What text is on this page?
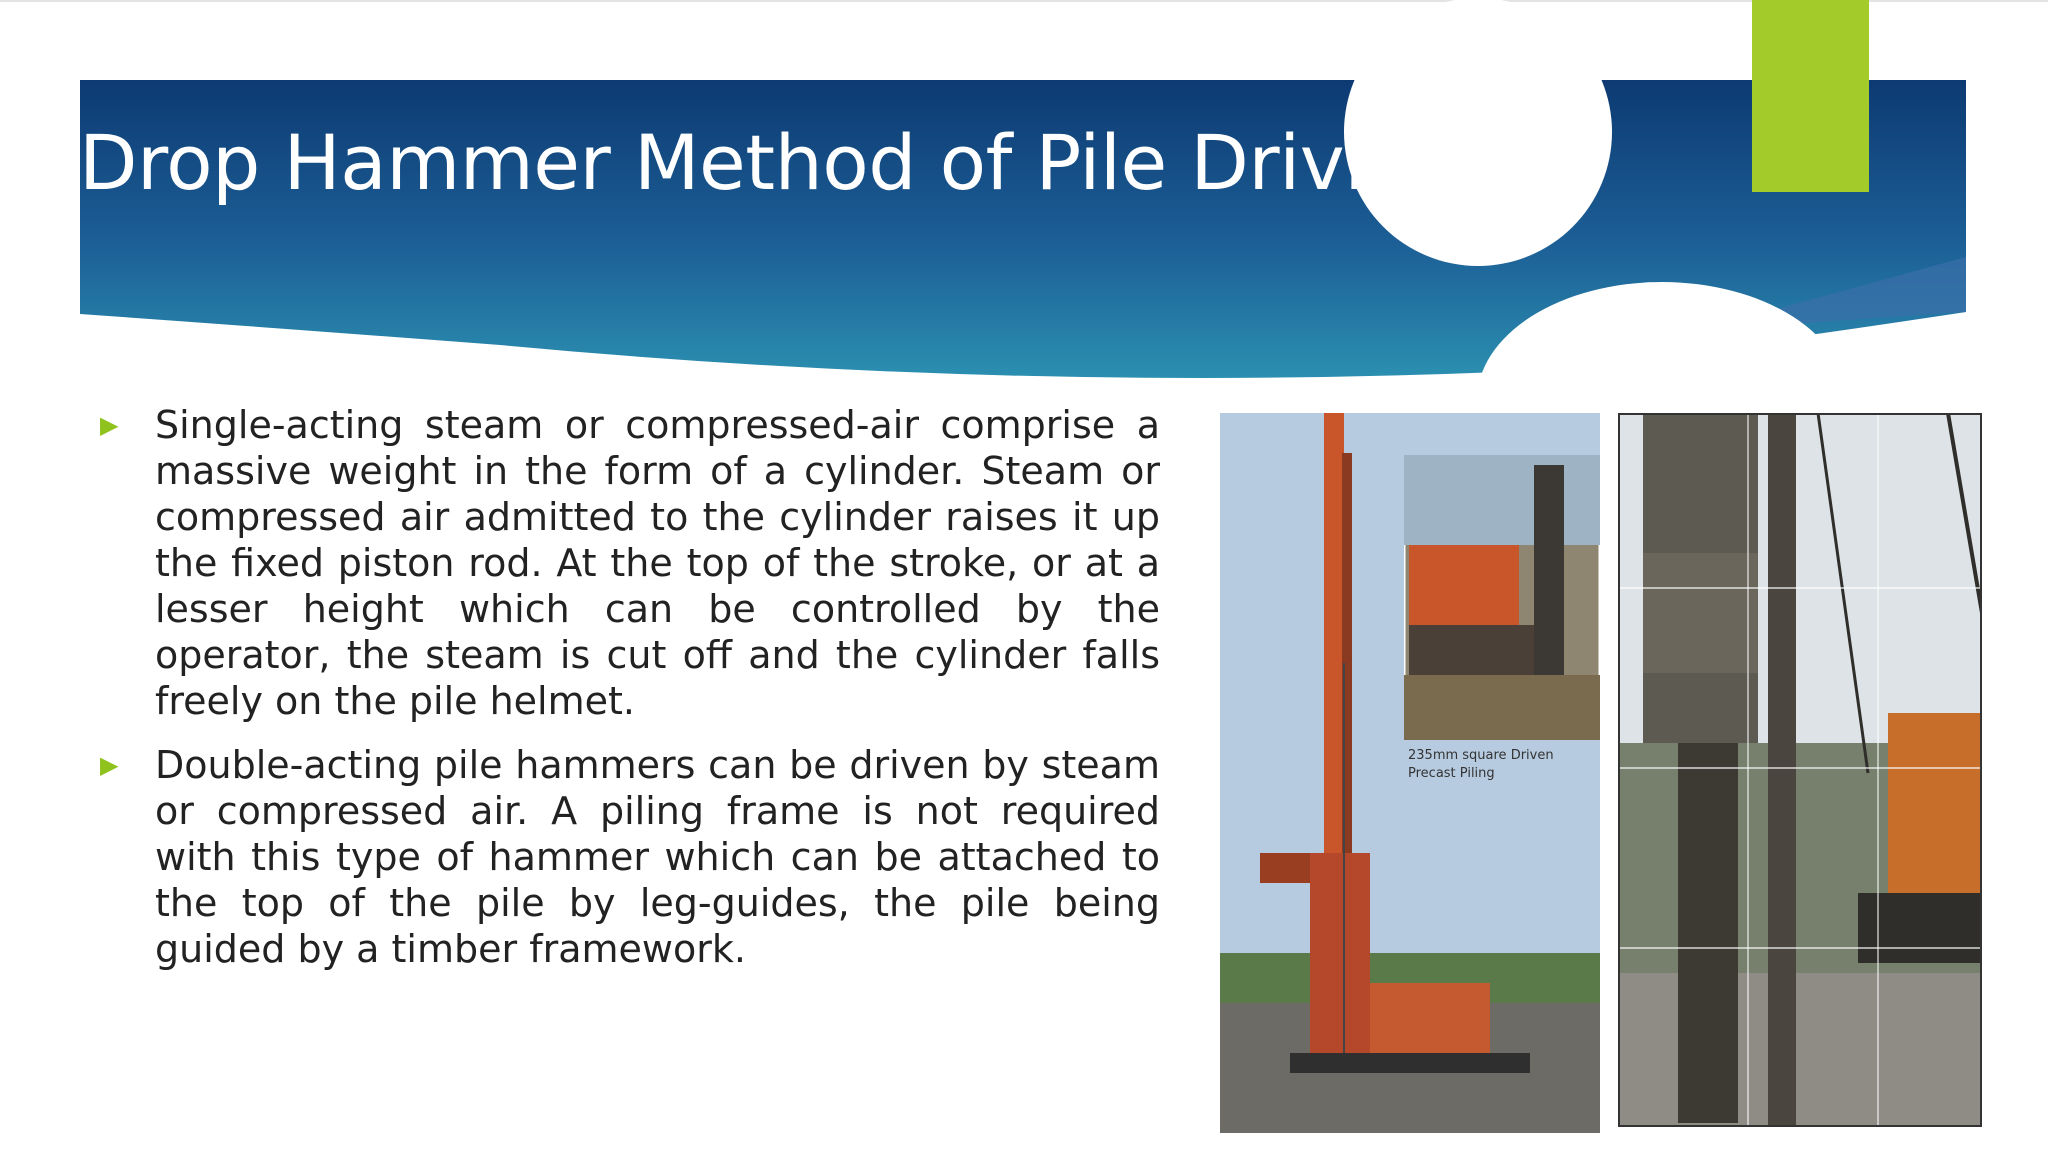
Drop Hammer Method of Pile Driving

▶ Single-acting steam or compressed-air comprise a massive weight in the form of a cylinder. Steam or compressed air admitted to the cylinder raises it up the fixed piston rod. At the top of the stroke, or at a lesser height which can be controlled by the operator, the steam is cut off and the cylinder falls freely on the pile helmet.

▶ Double-acting pile hammers can be driven by steam or compressed air. A piling frame is not required with this type of hammer which can be attached to the top of the pile by leg-guides, the pile being guided by a timber framework.

235mm square Driven
Precast Piling
